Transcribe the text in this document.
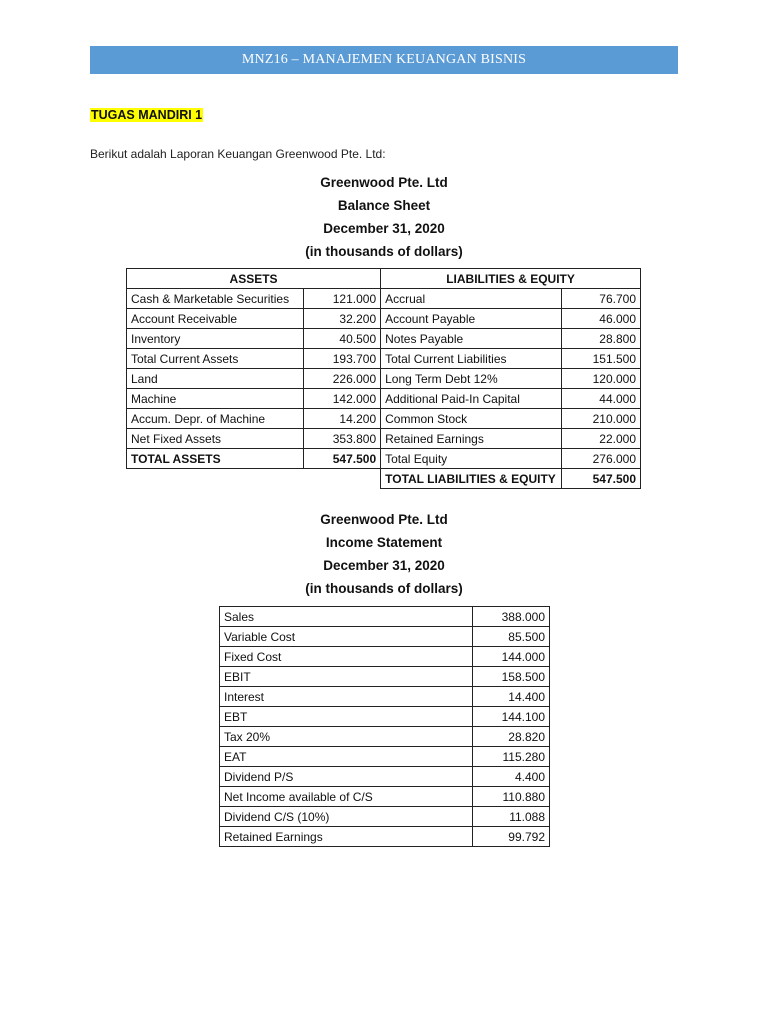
MNZ16 – MANAJEMEN KEUANGAN BISNIS
TUGAS MANDIRI 1
Berikut adalah Laporan Keuangan Greenwood Pte. Ltd:
Greenwood Pte. Ltd
Balance Sheet
December 31, 2020
(in thousands of dollars)
ASSETS		LIABILITIES & EQUITY	
Cash & Marketable Securities	121.000	Accrual	76.700
Account Receivable	32.200	Account Payable	46.000
Inventory	40.500	Notes Payable	28.800
Total Current Assets	193.700	Total Current Liabilities	151.500
Land	226.000	Long Term Debt 12%	120.000
Machine	142.000	Additional Paid-In Capital	44.000
Accum. Depr. of Machine	14.200	Common Stock	210.000
Net Fixed Assets	353.800	Retained Earnings	22.000
TOTAL ASSETS	547.500	Total Equity	276.000
		TOTAL LIABILITIES & EQUITY	547.500
Greenwood Pte. Ltd
Income Statement
December 31, 2020
(in thousands of dollars)
Sales	388.000
Variable Cost	85.500
Fixed Cost	144.000
EBIT	158.500
Interest	14.400
EBT	144.100
Tax 20%	28.820
EAT	115.280
Dividend P/S	4.400
Net Income available of C/S	110.880
Dividend C/S (10%)	11.088
Retained Earnings	99.792
